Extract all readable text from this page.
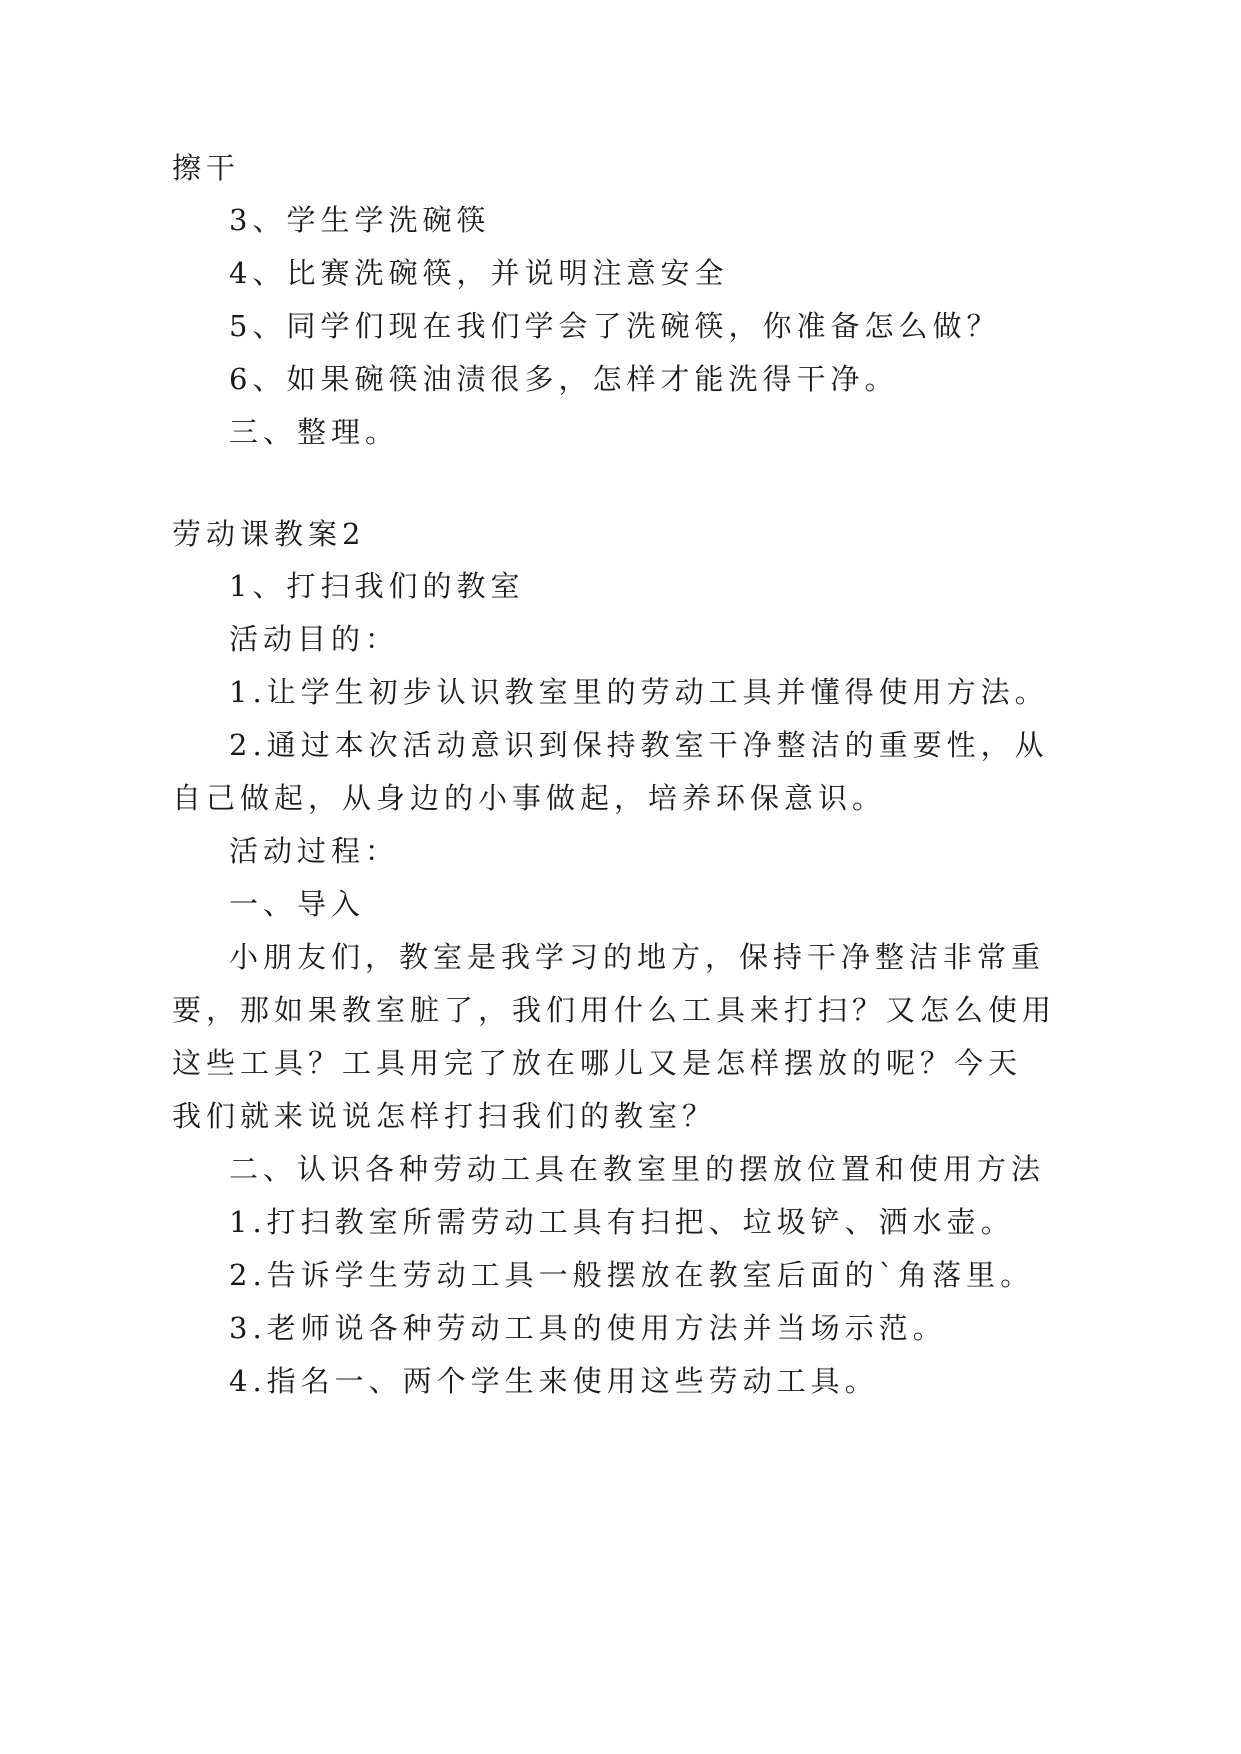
擦干
3、学生学洗碗筷
4、比赛洗碗筷，并说明注意安全
5、同学们现在我们学会了洗碗筷，你准备怎么做？
6、如果碗筷油渍很多，怎样才能洗得干净。
三、整理。
劳动课教案2
1、打扫我们的教室
活动目的：
1.让学生初步认识教室里的劳动工具并懂得使用方法。
2.通过本次活动意识到保持教室干净整洁的重要性，从
自己做起，从身边的小事做起，培养环保意识。
活动过程：
一、导入
小朋友们，教室是我学习的地方，保持干净整洁非常重
要，那如果教室脏了，我们用什么工具来打扫？又怎么使用
这些工具？工具用完了放在哪儿又是怎样摆放的呢？今天
我们就来说说怎样打扫我们的教室？
二、认识各种劳动工具在教室里的摆放位置和使用方法
1.打扫教室所需劳动工具有扫把、垃圾铲、洒水壶。
2.告诉学生劳动工具一般摆放在教室后面的`角落里。
3.老师说各种劳动工具的使用方法并当场示范。
4.指名一、两个学生来使用这些劳动工具。
